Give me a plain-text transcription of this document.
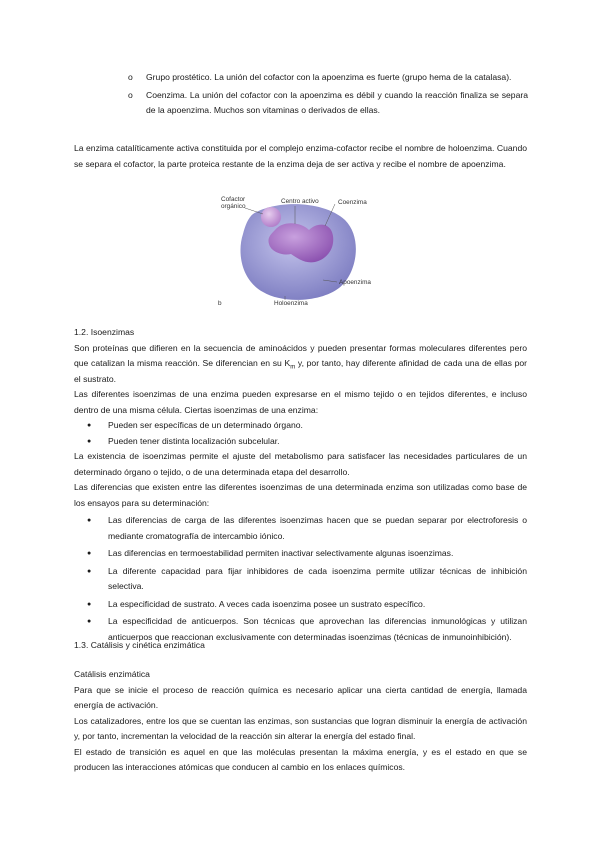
o Grupo prostético. La unión del cofactor con la apoenzima es fuerte (grupo hema de la catalasa).

o Coenzima. La unión del cofactor con la apoenzima es débil y cuando la reacción finaliza se separa de la apoenzima. Muchos son vitaminas o derivados de ellas.

La enzima catalíticamente activa constituida por el complejo enzima-cofactor recibe el nombre de holoenzima. Cuando se separa el cofactor, la parte proteica restante de la enzima deja de ser activa y recibe el nombre de apoenzima.

Cofactor orgánico
Centro activo	Coenzima
Apoenzima
Holoenzima
b

1.2. Isoenzimas

Son proteínas que difieren en la secuencia de aminoácidos y pueden presentar formas moleculares diferentes pero que catalizan la misma reacción. Se diferencian en su $K_m$ y, por tanto, hay diferente afinidad de cada una de ellas por el sustrato.

Las diferentes isoenzimas de una enzima pueden expresarse en el mismo tejido o en tejidos diferentes, e incluso dentro de una misma célula. Ciertas isoenzimas de una enzima:

● Pueden ser específicas de un determinado órgano.

● Pueden tener distinta localización subcelular.

La existencia de isoenzimas permite el ajuste del metabolismo para satisfacer las necesidades particulares de un determinado órgano o tejido, o de una determinada etapa del desarrollo.

Las diferencias que existen entre las diferentes isoenzimas de una determinada enzima son utilizadas como base de los ensayos para su determinación:

● Las diferencias de carga de las diferentes isoenzimas hacen que se puedan separar por electroforesis o mediante cromatografía de intercambio iónico.

● Las diferencias en termoestabilidad permiten inactivar selectivamente algunas isoenzimas.

● La diferente capacidad para fijar inhibidores de cada isoenzima permite utilizar técnicas de inhibición selectiva.

● La especificidad de sustrato. A veces cada isoenzima posee un sustrato específico.

● La especificidad de anticuerpos. Son técnicas que aprovechan las diferencias inmunológicas y utilizan anticuerpos que reaccionan exclusivamente con determinadas isoenzimas (técnicas de inmunoinhibición).

1.3. Catálisis y cinética enzimática

Catálisis enzimática

Para que se inicie el proceso de reacción química es necesario aplicar una cierta cantidad de energía, llamada energía de activación.

Los catalizadores, entre los que se cuentan las enzimas, son sustancias que logran disminuir la energía de activación y, por tanto, incrementan la velocidad de la reacción sin alterar la energía del estado final.

El estado de transición es aquel en que las moléculas presentan la máxima energía, y es el estado en que se producen las interacciones atómicas que conducen al cambio en los enlaces químicos.
